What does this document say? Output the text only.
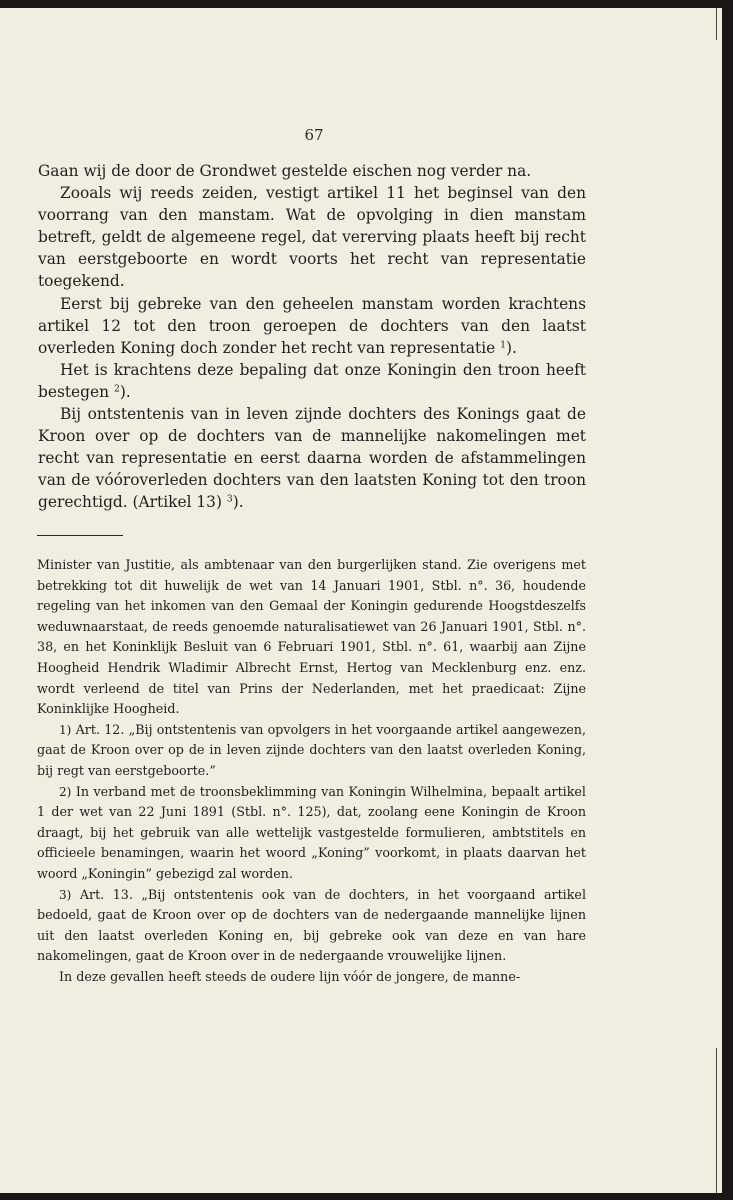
67

Gaan wij de door de Grondwet gestelde eischen nog verder na.

Zooals wij reeds zeiden, vestigt artikel 11 het beginsel van den voorrang van den manstam. Wat de opvolging in dien manstam betreft, geldt de algemeene regel, dat vererving plaats heeft bij recht van eerstgeboorte en wordt voorts het recht van representatie toegekend.

Eerst bij gebreke van den geheelen manstam worden krachtens artikel 12 tot den troon geroepen de dochters van den laatst overleden Koning doch zonder het recht van representatie $^1$).

Het is krachtens deze bepaling dat onze Koningin den troon heeft bestegen $^2$).

Bij ontstentenis van in leven zijnde dochters des Konings gaat de Kroon over op de dochters van de mannelijke nakomelingen met recht van representatie en eerst daarna worden de afstammelingen van de vóóroverleden dochters van den laatsten Koning tot den troon gerechtigd. (Artikel 13) $^3$).

Minister van Justitie, als ambtenaar van den burgerlijken stand. Zie overigens met betrekking tot dit huwelijk de wet van 14 Januari 1901, Stbl. n°. 36, houdende regeling van het inkomen van den Gemaal der Koningin gedurende Hoogstdeszelfs weduwnaarstaat, de reeds genoemde naturalisatiewet van 26 Januari 1901, Stbl. n°. 38, en het Koninklijk Besluit van 6 Februari 1901, Stbl. n°. 61, waarbij aan Zijne Hoogheid Hendrik Wladimir Albrecht Ernst, Hertog van Mecklenburg enz. enz. wordt verleend de titel van Prins der Nederlanden, met het praedicaat: Zijne Koninklijke Hoogheid.

1) Art. 12. „Bij ontstentenis van opvolgers in het voorgaande artikel aangewezen, gaat de Kroon over op de in leven zijnde dochters van den laatst overleden Koning, bij regt van eerstgeboorte.”

2) In verband met de troonsbeklimming van Koningin Wilhelmina, bepaalt artikel 1 der wet van 22 Juni 1891 (Stbl. n°. 125), dat, zoolang eene Koningin de Kroon draagt, bij het gebruik van alle wettelijk vastgestelde formulieren, ambtstitels en officieele benamingen, waarin het woord „Koning” voorkomt, in plaats daarvan het woord „Koningin” gebezigd zal worden.

3) Art. 13. „Bij ontstentenis ook van de dochters, in het voorgaand artikel bedoeld, gaat de Kroon over op de dochters van de nedergaande mannelijke lijnen uit den laatst overleden Koning en, bij gebreke ook van deze en van hare nakomelingen, gaat de Kroon over in de nedergaande vrouwelijke lijnen.

In deze gevallen heeft steeds de oudere lijn vóór de jongere, de manne-
